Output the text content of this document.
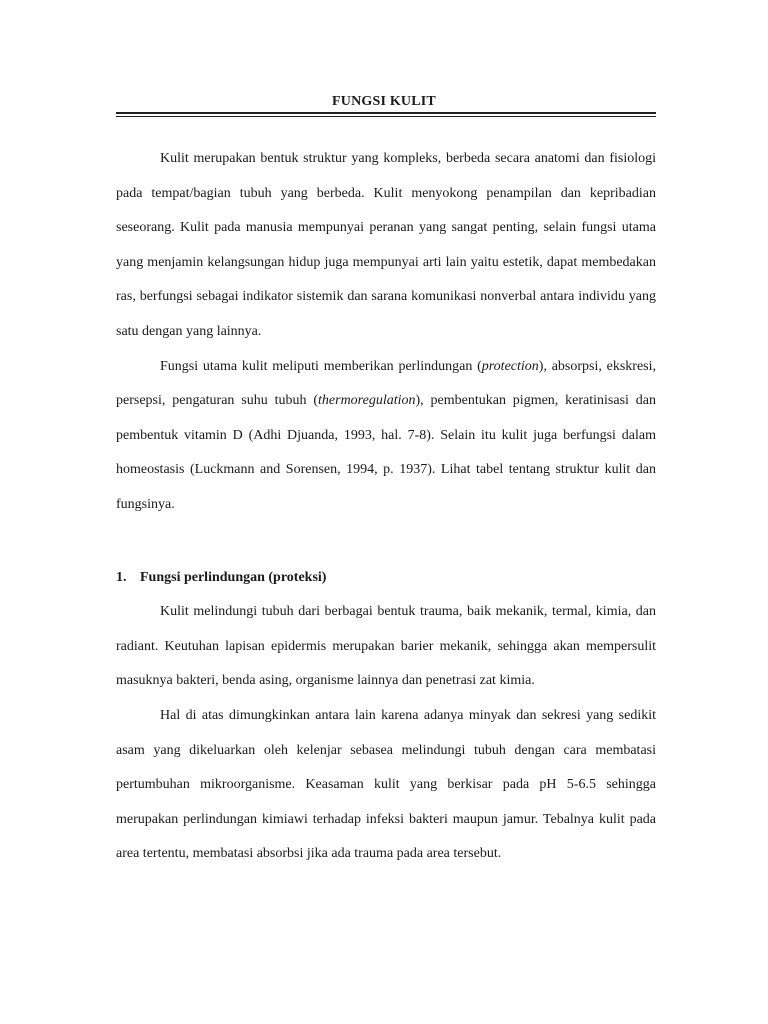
FUNGSI KULIT

Kulit merupakan bentuk struktur yang kompleks, berbeda secara anatomi dan fisiologi pada tempat/bagian tubuh yang berbeda. Kulit menyokong penampilan dan kepribadian seseorang. Kulit pada manusia mempunyai peranan yang sangat penting, selain fungsi utama yang menjamin kelangsungan hidup juga mempunyai arti lain yaitu estetik, dapat membedakan ras, berfungsi sebagai indikator sistemik dan sarana komunikasi nonverbal antara individu yang satu dengan yang lainnya.

Fungsi utama kulit meliputi memberikan perlindungan (protection), absorpsi, ekskresi, persepsi, pengaturan suhu tubuh (thermoregulation), pembentukan pigmen, keratinisasi dan pembentuk vitamin D (Adhi Djuanda, 1993, hal. 7-8). Selain itu kulit juga berfungsi dalam homeostasis (Luckmann and Sorensen, 1994, p. 1937). Lihat tabel tentang struktur kulit dan fungsinya.

1. Fungsi perlindungan (proteksi)

Kulit melindungi tubuh dari berbagai bentuk trauma, baik mekanik, termal, kimia, dan radiant. Keutuhan lapisan epidermis merupakan barier mekanik, sehingga akan mempersulit masuknya bakteri, benda asing, organisme lainnya dan penetrasi zat kimia.

Hal di atas dimungkinkan antara lain karena adanya minyak dan sekresi yang sedikit asam yang dikeluarkan oleh kelenjar sebasea melindungi tubuh dengan cara membatasi pertumbuhan mikroorganisme. Keasaman kulit yang berkisar pada pH 5-6.5 sehingga merupakan perlindungan kimiawi terhadap infeksi bakteri maupun jamur. Tebalnya kulit pada area tertentu, membatasi absorbsi jika ada trauma pada area tersebut.
